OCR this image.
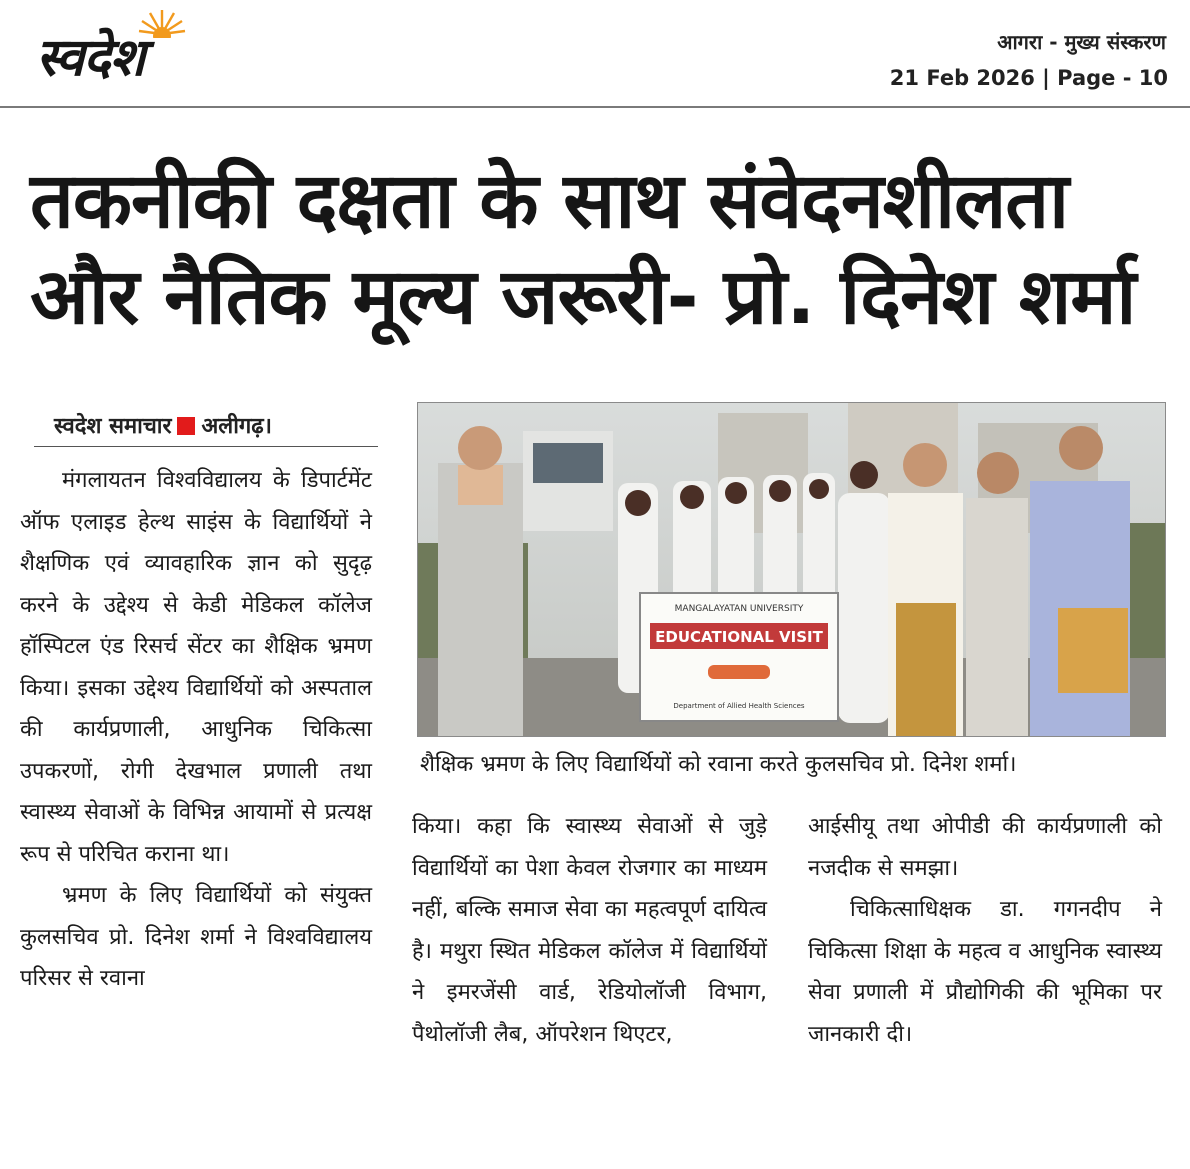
स्वदेश	आगरा - मुख्य संस्करण
21 Feb 2026 | Page - 10
तकनीकी दक्षता के साथ संवेदनशीलता
और नैतिक मूल्य जरूरी- प्रो. दिनेश शर्मा
स्वदेश समाचार अलीगढ़।

मंगलायतन विश्वविद्यालय के डिपार्टमेंट ऑफ एलाइड हेल्थ साइंस के विद्यार्थियों ने शैक्षणिक एवं व्यावहारिक ज्ञान को सुदृढ़ करने के उद्देश्य से केडी मेडिकल कॉलेज हॉस्पिटल एंड रिसर्च सेंटर का शैक्षिक भ्रमण किया। इसका उद्देश्य विद्यार्थियों को अस्पताल की कार्यप्रणाली, आधुनिक चिकित्सा उपकरणों, रोगी देखभाल प्रणाली तथा स्वास्थ्य सेवाओं के विभिन्न आयामों से प्रत्यक्ष रूप से परिचित कराना था।

भ्रमण के लिए विद्यार्थियों को संयुक्त कुलसचिव प्रो. दिनेश शर्मा ने विश्वविद्यालय परिसर से रवाना

MANGALAYATAN UNIVERSITY
EDUCATIONAL VISIT
Department of Allied Health Sciences
शैक्षिक भ्रमण के लिए विद्यार्थियों को रवाना करते कुलसचिव प्रो. दिनेश शर्मा।

किया। कहा कि स्वास्थ्य सेवाओं से जुड़े विद्यार्थियों का पेशा केवल रोजगार का माध्यम नहीं, बल्कि समाज सेवा का महत्वपूर्ण दायित्व है। मथुरा स्थित मेडिकल कॉलेज में विद्यार्थियों ने इमरजेंसी वार्ड, रेडियोलॉजी विभाग, पैथोलॉजी लैब, ऑपरेशन थिएटर,

आईसीयू तथा ओपीडी की कार्यप्रणाली को नजदीक से समझा।

चिकित्साधिक्षक डा. गगनदीप ने चिकित्सा शिक्षा के महत्व व आधुनिक स्वास्थ्य सेवा प्रणाली में प्रौद्योगिकी की भूमिका पर जानकारी दी।
